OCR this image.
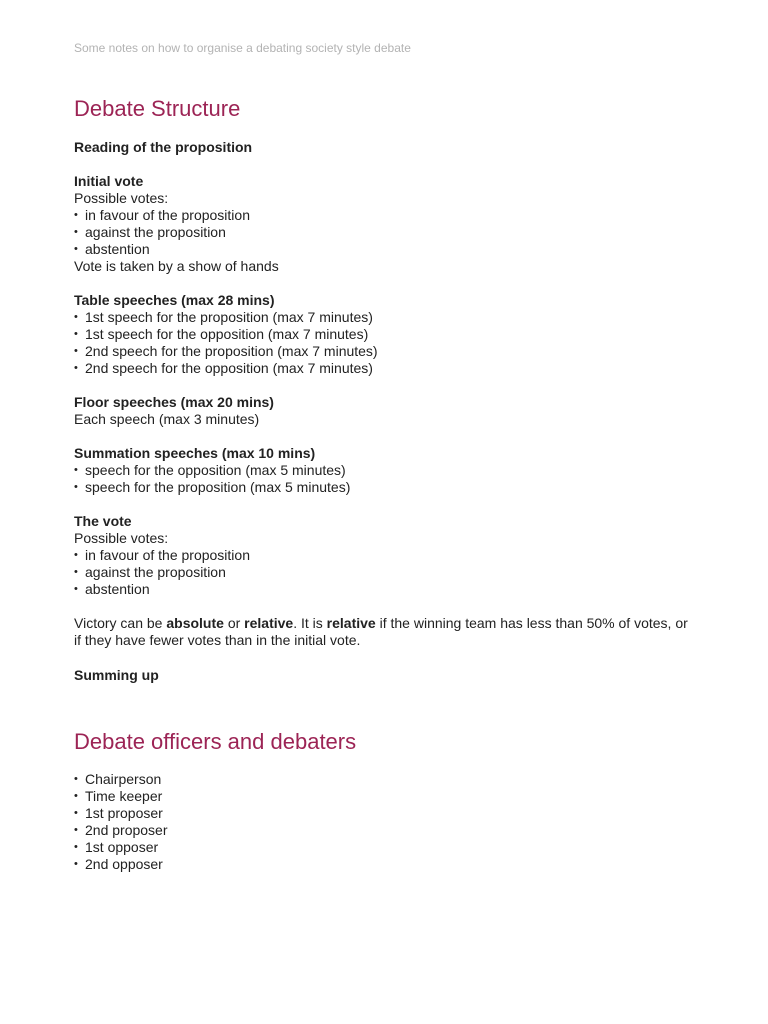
Some notes on how to organise a debating society style debate
Debate Structure
Reading of the proposition
Initial vote
Possible votes:
• in favour of the proposition
• against the proposition
• abstention
Vote is taken by a show of hands
Table speeches (max 28 mins)
• 1st speech for the proposition (max 7 minutes)
• 1st speech for the opposition (max 7 minutes)
• 2nd speech for the proposition (max 7 minutes)
• 2nd speech for the opposition (max 7 minutes)
Floor speeches (max 20 mins)
Each speech (max 3 minutes)
Summation speeches (max 10 mins)
• speech for the opposition (max 5 minutes)
• speech for the proposition (max 5 minutes)
The vote
Possible votes:
• in favour of the proposition
• against the proposition
• abstention

Victory can be absolute or relative. It is relative if the winning team has less than 50% of votes, or if they have fewer votes than in the initial vote.

Summing up
Debate officers and debaters
• Chairperson
• Time keeper
• 1st proposer
• 2nd proposer
• 1st opposer
• 2nd opposer
